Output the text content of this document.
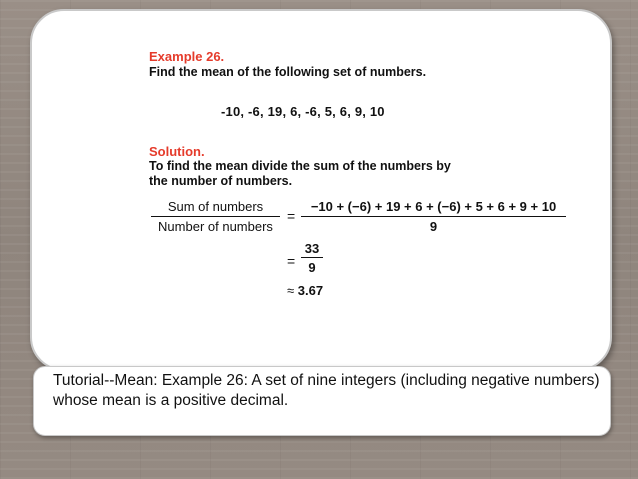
Example 26.
Find the mean of the following set of numbers.
-10, -6, 19, 6, -6, 5, 6, 9, 10
Solution.
To find the mean divide the sum of the numbers by
the number of numbers.
Sum of numbers
Number of numbers
=
−10 + (−6) + 19 + 6 + (−6) + 5 + 6 + 9 + 10
9
=
33
9
≈ 3.67
Tutorial--Mean: Example 26: A set of nine integers (including negative numbers) whose mean is a positive decimal.
